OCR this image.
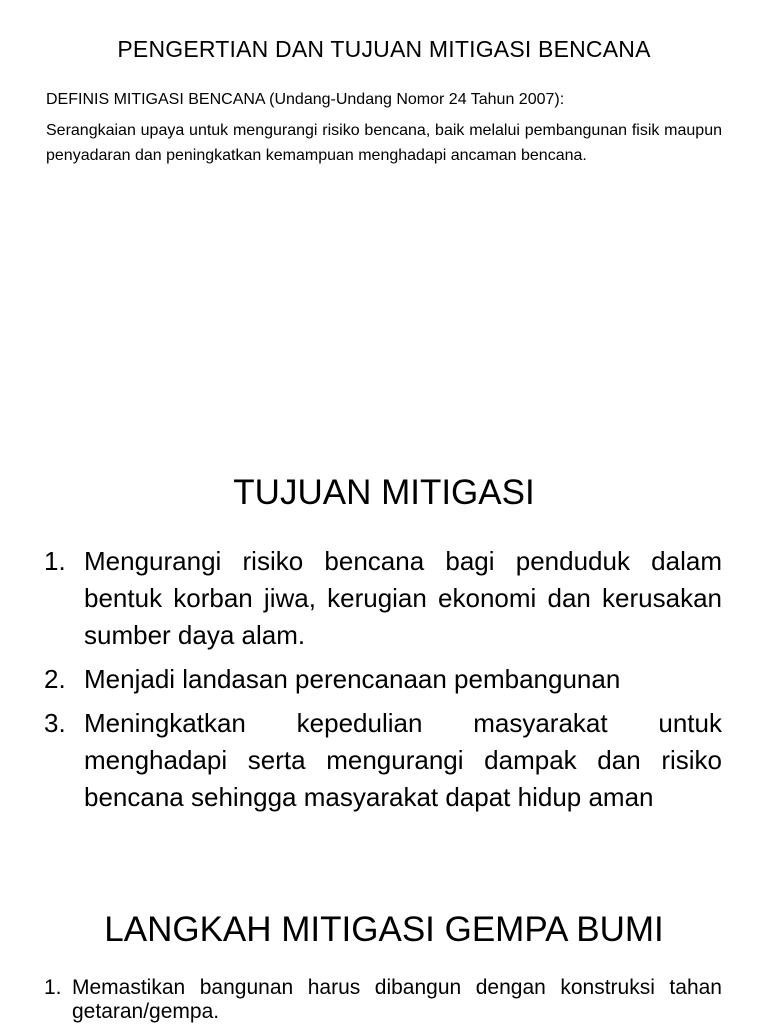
PENGERTIAN DAN TUJUAN MITIGASI BENCANA
DEFINIS MITIGASI BENCANA (Undang-Undang Nomor 24 Tahun 2007):
Serangkaian upaya untuk mengurangi risiko bencana, baik melalui pembangunan fisik maupun penyadaran dan peningkatkan kemampuan menghadapi ancaman bencana.
TUJUAN MITIGASI
1. Mengurangi risiko bencana bagi penduduk dalam bentuk korban jiwa, kerugian ekonomi dan kerusakan sumber daya alam.
2. Menjadi landasan perencanaan pembangunan
3. Meningkatkan kepedulian masyarakat untuk menghadapi serta mengurangi dampak dan risiko bencana sehingga masyarakat dapat hidup aman
LANGKAH MITIGASI GEMPA BUMI
1. Memastikan bangunan harus dibangun dengan konstruksi tahan getaran/gempa.
